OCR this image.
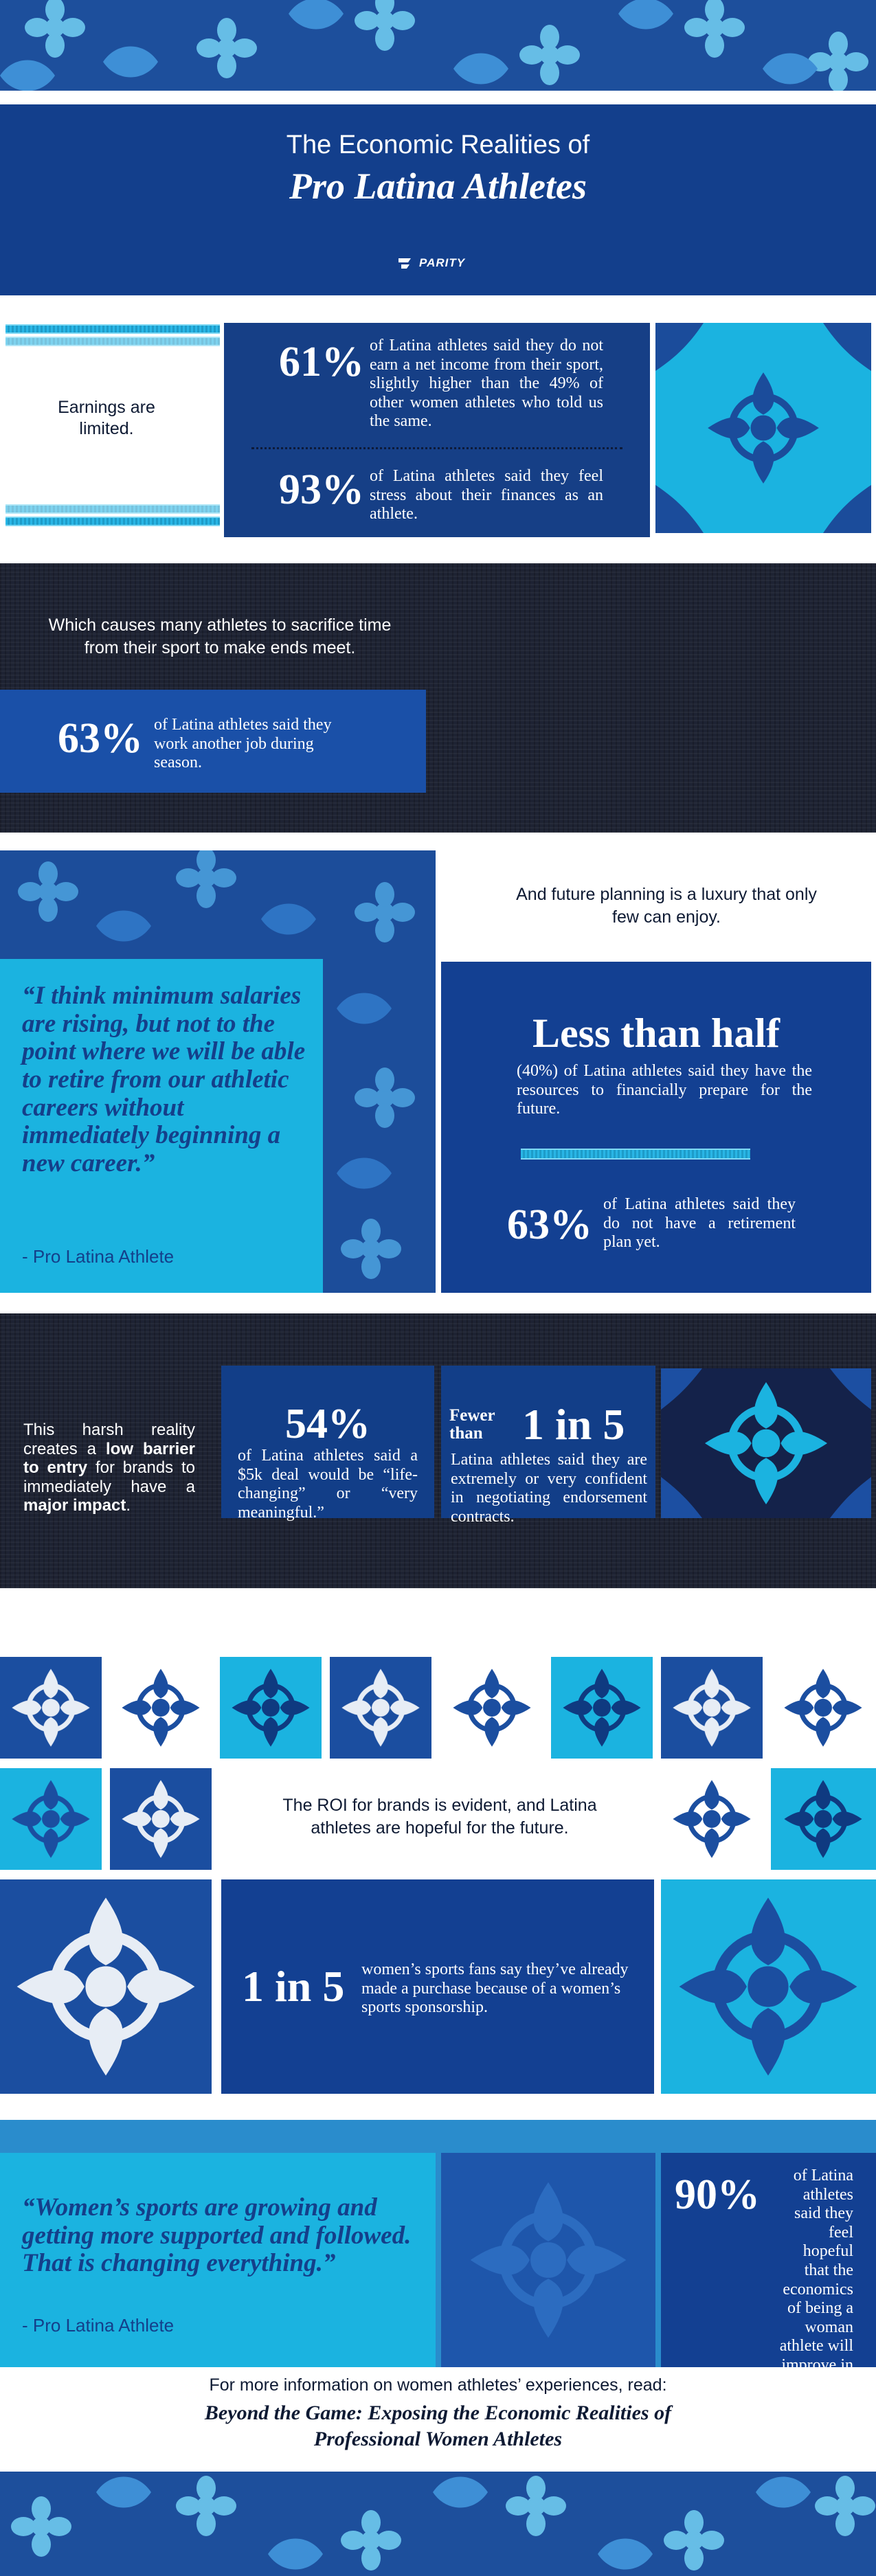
The Economic Realities of
Pro Latina Athletes
PARITY
Earnings are limited.
61% of Latina athletes said they do not earn a net income from their sport, slightly higher than the 49% of other women athletes who told us the same.
93% of Latina athletes said they feel stress about their finances as an athlete.
Which causes many athletes to sacrifice time from their sport to make ends meet.
63% of Latina athletes said they work another job during season.
“I think minimum salaries are rising, but not to the point where we will be able to retire from our athletic careers without immediately beginning a new career.”
- Pro Latina Athlete
And future planning is a luxury that only few can enjoy.
Less than half
(40%) of Latina athletes said they have the resources to financially prepare for the future.
63% of Latina athletes said they do not have a retirement plan yet.
This harsh reality creates a low barrier to entry for brands to immediately have a major impact.
54%
of Latina athletes said a $5k deal would be “life-changing” or “very meaningful.”
Fewer than 1 in 5
Latina athletes said they are extremely or very confident in negotiating endorsement contracts.
The ROI for brands is evident, and Latina athletes are hopeful for the future.
1 in 5 women’s sports fans say they’ve already made a purchase because of a women’s sports sponsorship.
“Women’s sports are growing and getting more supported and followed. That is changing everything.”
- Pro Latina Athlete
90%	of Latina athletes said they feel hopeful that the economics of being a woman athlete will improve in the next 5 years.
For more information on women athletes’ experiences, read:
Beyond the Game: Exposing the Economic Realities of
Professional Women Athletes
